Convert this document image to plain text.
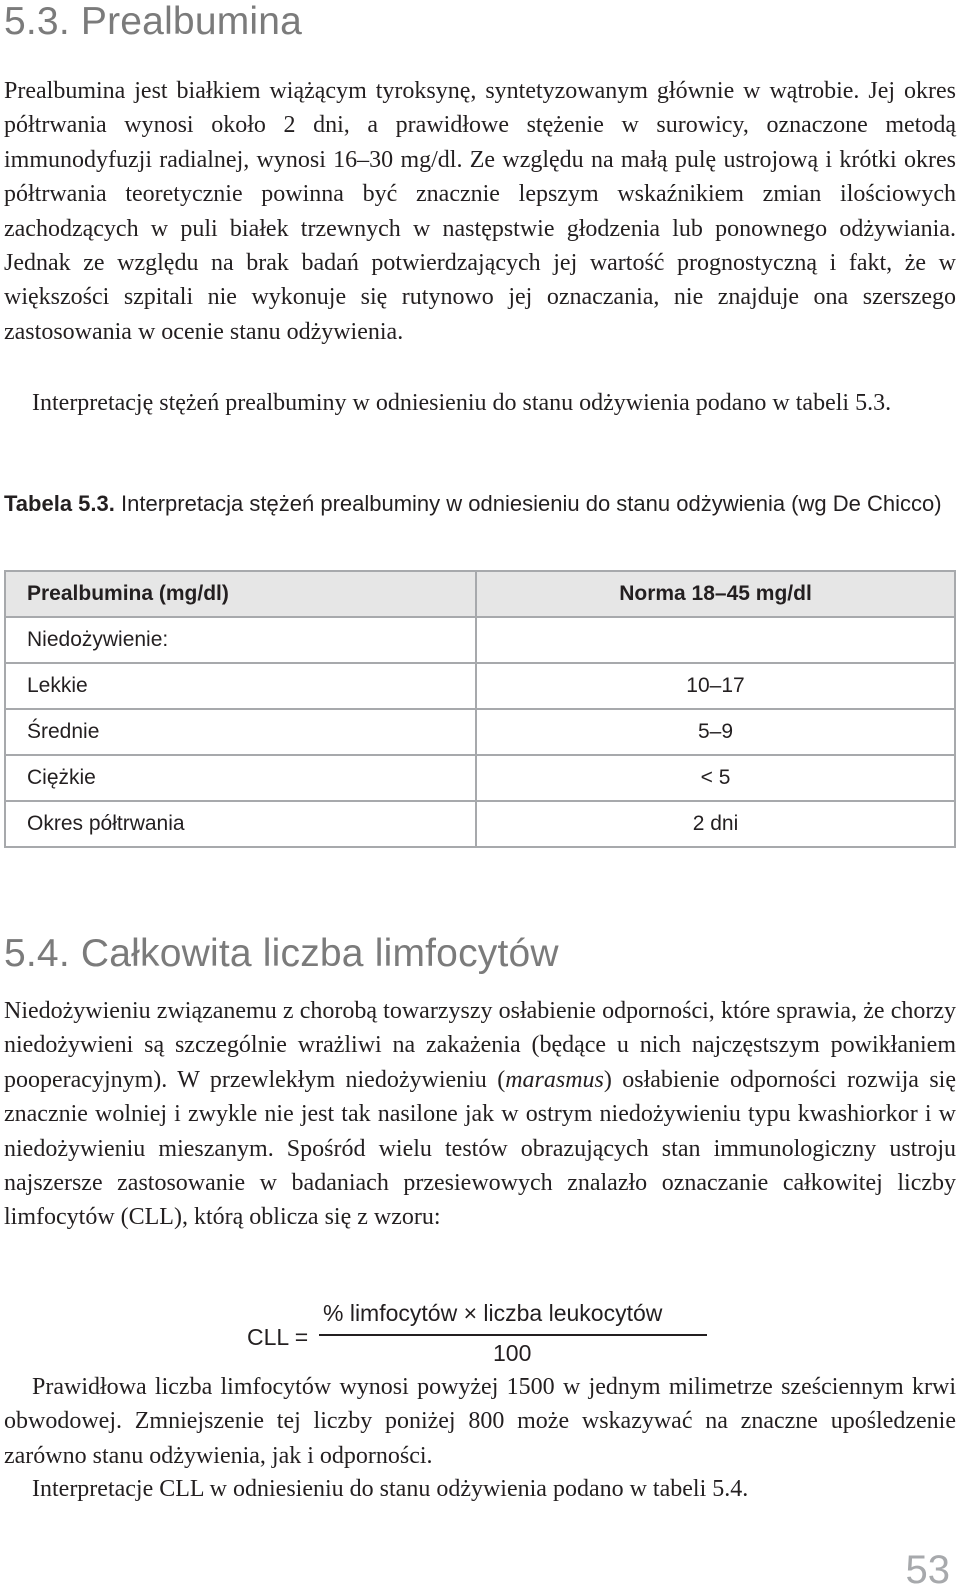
5.3. Prealbumina

Prealbumina jest białkiem wiążącym tyroksynę, syntetyzowanym głównie w wątrobie. Jej okres półtrwania wynosi około 2 dni, a prawidłowe stężenie w surowicy, oznaczone metodą immunodyfuzji radialnej, wynosi 16–30 mg/dl. Ze względu na małą pulę ustrojową i krótki okres półtrwania teoretycznie powinna być znacznie lepszym wskaźnikiem zmian ilościowych zachodzących w puli białek trzewnych w następstwie głodzenia lub ponownego odżywiania. Jednak ze względu na brak badań potwierdzających jej wartość prognostyczną i fakt, że w większości szpitali nie wykonuje się rutynowo jej oznaczania, nie znajduje ona szerszego zastosowania w ocenie stanu odżywienia.

Interpretację stężeń prealbuminy w odniesieniu do stanu odżywienia podano w tabeli 5.3.

Tabela 5.3. Interpretacja stężeń prealbuminy w odniesieniu do stanu odżywienia (wg De Chicco)

Prealbumina (mg/dl)	Norma 18–45 mg/dl
Niedożywienie:	
Lekkie	10–17
Średnie	5–9
Ciężkie	< 5
Okres półtrwania	2 dni
5.4. Całkowita liczba limfocytów

Niedożywieniu związanemu z chorobą towarzyszy osłabienie odporności, które sprawia, że chorzy niedożywieni są szczególnie wrażliwi na zakażenia (będące u nich najczęstszym powikłaniem pooperacyjnym). W przewlekłym niedożywieniu (marasmus) osłabienie odporności rozwija się znacznie wolniej i zwykle nie jest tak nasilone jak w ostrym niedożywieniu typu kwashiorkor i w niedożywieniu mieszanym. Spośród wielu testów obrazujących stan immunologiczny ustroju najszersze zastosowanie w badaniach przesiewowych znalazło oznaczanie całkowitej liczby limfocytów (CLL), którą oblicza się z wzoru:

CLL =
% limfocytów × liczba leukocytów
100

Prawidłowa liczba limfocytów wynosi powyżej 1500 w jednym milimetrze sześciennym krwi obwodowej. Zmniejszenie tej liczby poniżej 800 może wskazywać na znaczne upośledzenie zarówno stanu odżywienia, jak i odporności.

Interpretacje CLL w odniesieniu do stanu odżywienia podano w tabeli 5.4.

53
